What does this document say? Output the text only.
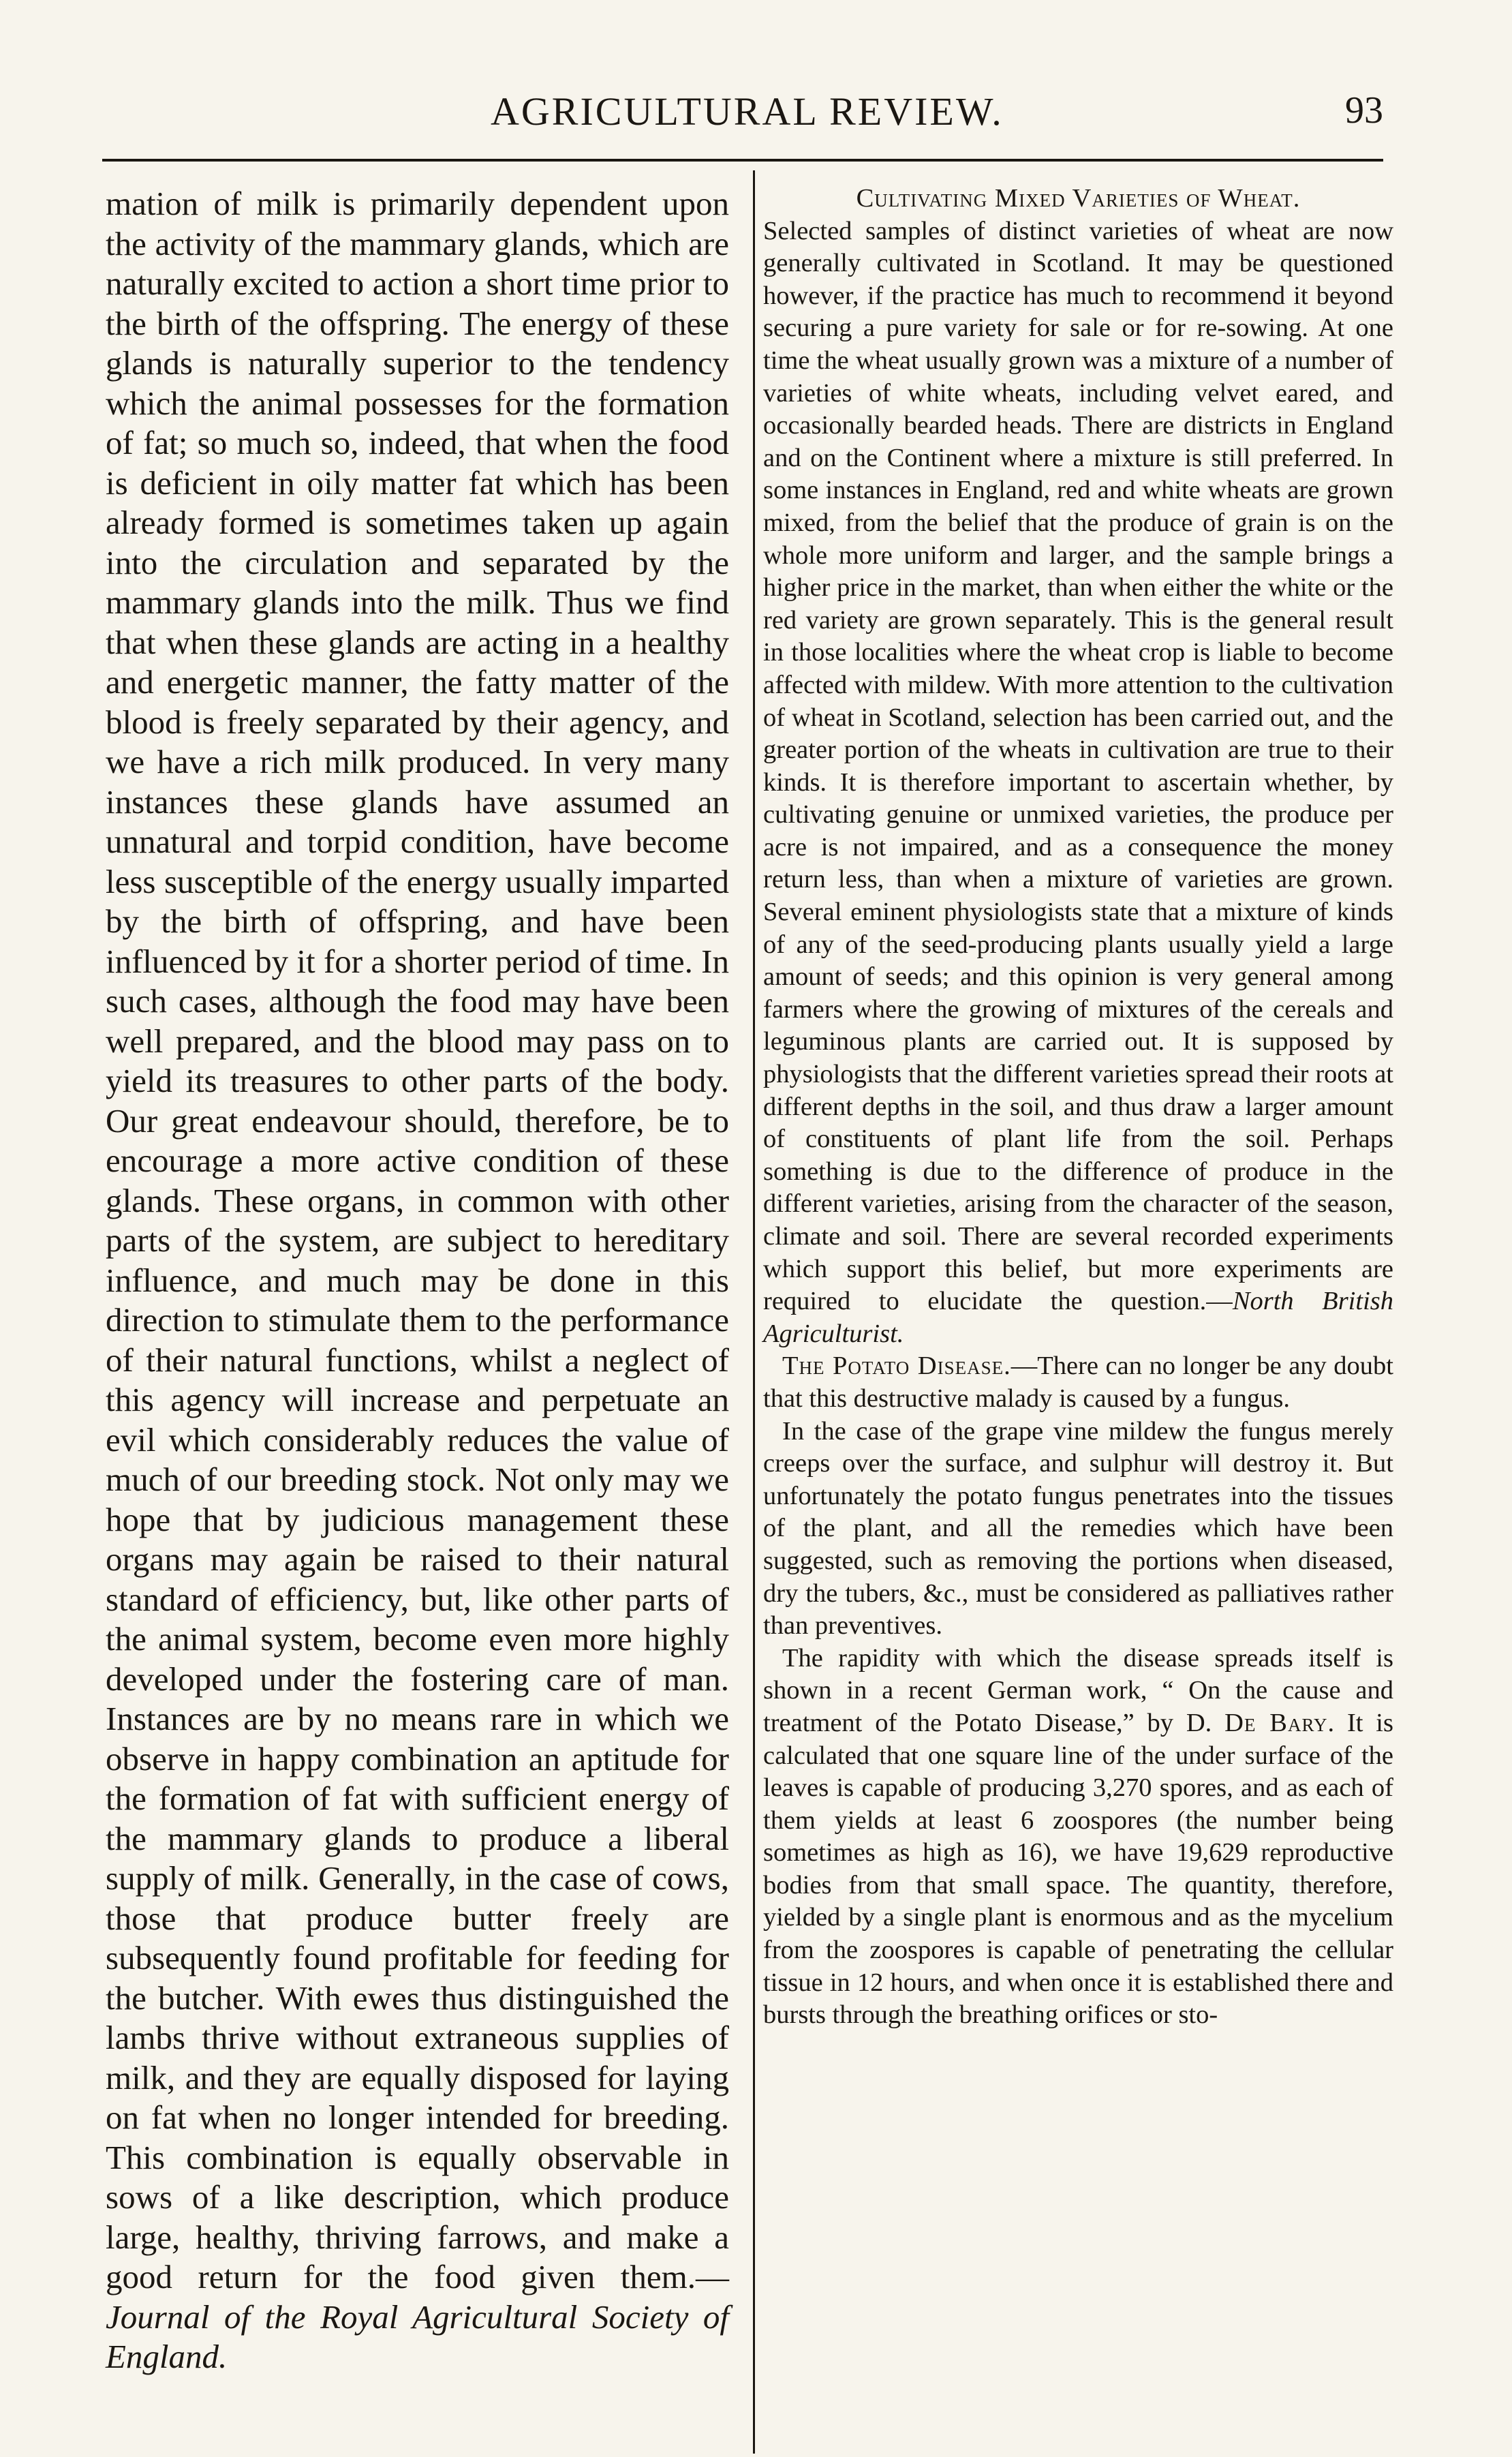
AGRICULTURAL REVIEW.	93

mation of milk is primarily dependent upon the activity of the mammary glands, which are naturally excited to action a short time prior to the birth of the offspring. The energy of these glands is naturally superior to the tendency which the animal possesses for the formation of fat; so much so, indeed, that when the food is deficient in oily matter fat which has been already formed is sometimes taken up again into the circulation and separated by the mammary glands into the milk. Thus we find that when these glands are acting in a healthy and energetic manner, the fatty matter of the blood is freely separated by their agency, and we have a rich milk produced. In very many instances these glands have assumed an unnatural and torpid condition, have become less susceptible of the energy usually imparted by the birth of offspring, and have been influenced by it for a shorter period of time. In such cases, although the food may have been well prepared, and the blood may pass on to yield its treasures to other parts of the body. Our great endeavour should, therefore, be to encourage a more active condition of these glands. These organs, in common with other parts of the system, are subject to hereditary influence, and much may be done in this direction to stimulate them to the performance of their natural functions, whilst a neglect of this agency will increase and perpetuate an evil which considerably reduces the value of much of our breeding stock. Not only may we hope that by judicious management these organs may again be raised to their natural standard of efficiency, but, like other parts of the animal system, become even more highly developed under the fostering care of man. Instances are by no means rare in which we observe in happy combination an aptitude for the formation of fat with sufficient energy of the mammary glands to produce a liberal supply of milk. Generally, in the case of cows, those that produce butter freely are subsequently found profitable for feeding for the butcher. With ewes thus distinguished the lambs thrive without extraneous supplies of milk, and they are equally disposed for laying on fat when no longer intended for breeding. This combination is equally observable in sows of a like description, which produce large, healthy, thriving farrows, and make a good return for the food given them.—Journal of the Royal Agricultural Society of England.

Cultivating Mixed Varieties of Wheat.
Selected samples of distinct varieties of wheat are now generally cultivated in Scotland. It may be questioned however, if the practice has much to recommend it beyond securing a pure variety for sale or for re-sowing. At one time the wheat usually grown was a mixture of a number of varieties of white wheats, including velvet eared, and occasionally bearded heads. There are districts in England and on the Continent where a mixture is still preferred. In some instances in England, red and white wheats are grown mixed, from the belief that the produce of grain is on the whole more uniform and larger, and the sample brings a higher price in the market, than when either the white or the red variety are grown separately. This is the general result in those localities where the wheat crop is liable to become affected with mildew. With more attention to the cultivation of wheat in Scotland, selection has been carried out, and the greater portion of the wheats in cultivation are true to their kinds. It is therefore important to ascertain whether, by cultivating genuine or unmixed varieties, the produce per acre is not impaired, and as a consequence the money return less, than when a mixture of varieties are grown. Several eminent physiologists state that a mixture of kinds of any of the seed-producing plants usually yield a large amount of seeds; and this opinion is very general among farmers where the growing of mixtures of the cereals and leguminous plants are carried out. It is supposed by physiologists that the different varieties spread their roots at different depths in the soil, and thus draw a larger amount of constituents of plant life from the soil. Perhaps something is due to the difference of produce in the different varieties, arising from the character of the season, climate and soil. There are several recorded experiments which support this belief, but more experiments are required to elucidate the question.—North British Agriculturist.

The Potato Disease.—There can no longer be any doubt that this destructive malady is caused by a fungus.

In the case of the grape vine mildew the fungus merely creeps over the surface, and sulphur will destroy it. But unfortunately the potato fungus penetrates into the tissues of the plant, and all the remedies which have been suggested, such as removing the portions when diseased, dry the tubers, &c., must be considered as palliatives rather than preventives.

The rapidity with which the disease spreads itself is shown in a recent German work, “ On the cause and treatment of the Potato Disease,” by D. De Bary. It is calculated that one square line of the under surface of the leaves is capable of producing 3,270 spores, and as each of them yields at least 6 zoospores (the number being sometimes as high as 16), we have 19,629 reproductive bodies from that small space. The quantity, therefore, yielded by a single plant is enormous and as the mycelium from the zoospores is capable of penetrating the cellular tissue in 12 hours, and when once it is established there and bursts through the breathing orifices or sto-
